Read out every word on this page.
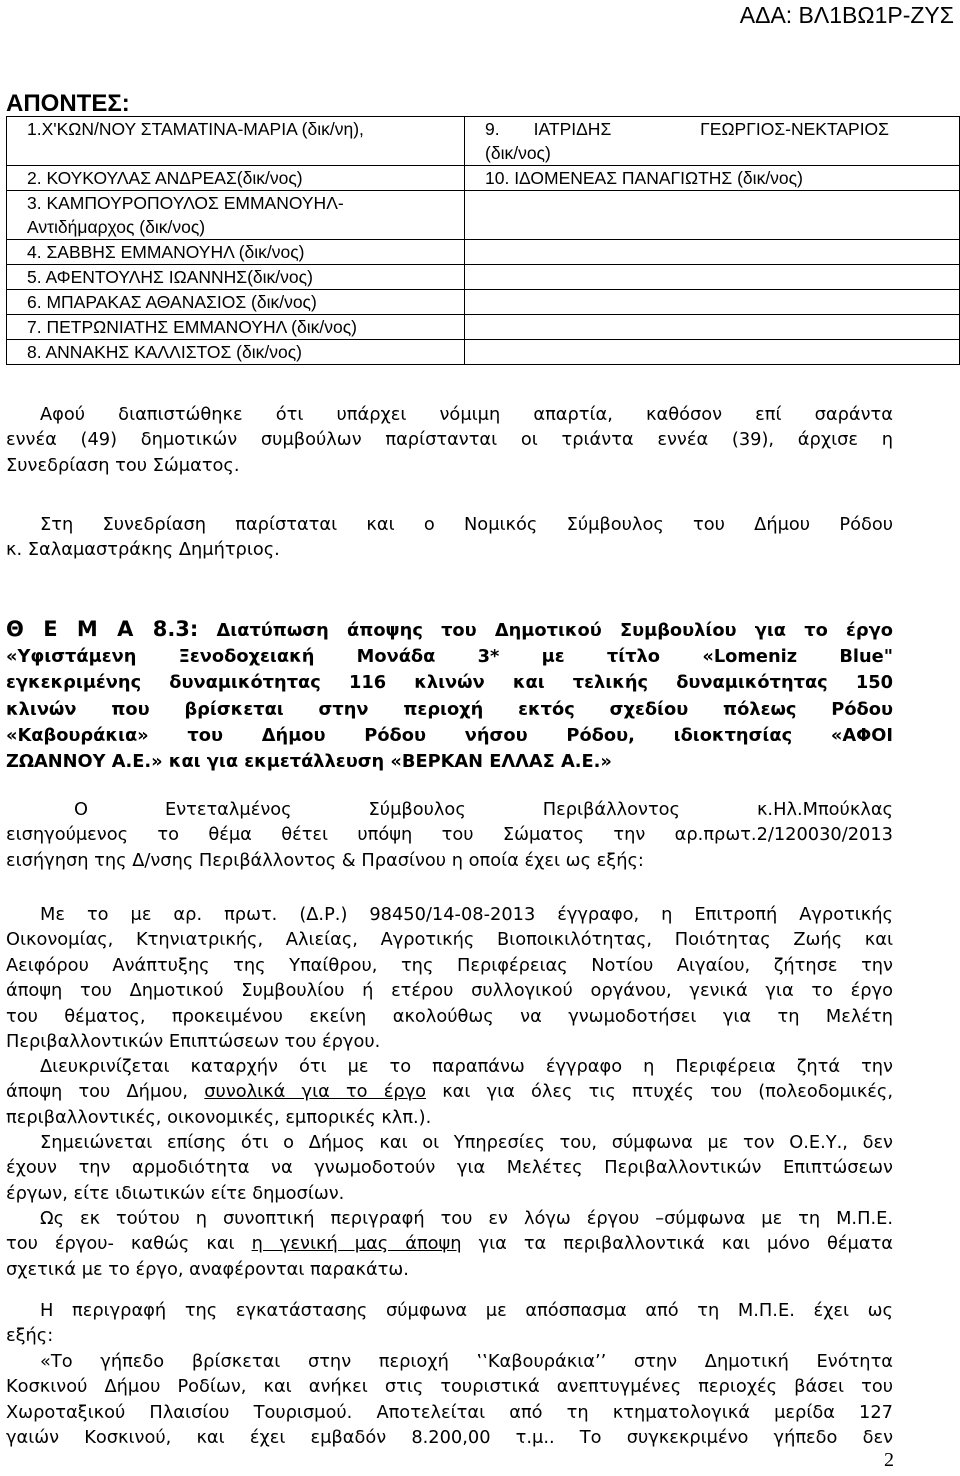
ΑΔΑ: ΒΛ1ΒΩ1Ρ-ΖΥΣ
ΑΠΟΝΤΕΣ:
1.Χ'ΚΩΝ/ΝΟΥ ΣΤΑΜΑΤΙΝΑ-ΜΑΡΙΑ (δικ/νη),	9. ΙΑΤΡΙΔΗΣ ΓΕΩΡΓΙΟΣ-ΝΕΚΤΑΡΙΟΣ
(δικ/νος)

2. ΚΟΥΚΟΥΛΑΣ ΑΝΔΡΕΑΣ(δικ/νος)	10. ΙΔΟΜΕΝΕΑΣ ΠΑΝΑΓΙΩΤΗΣ (δικ/νος)

3. ΚΑΜΠΟΥΡΟΠΟΥΛΟΣ ΕΜΜΑΝΟΥΗΛ-
Αντιδήμαρχος (δικ/νος)	

4. ΣΑΒΒΗΣ ΕΜΜΑΝΟΥΗΛ (δικ/νος)	
5. ΑΦΕΝΤΟΥΛΗΣ ΙΩΑΝΝΗΣ(δικ/νος)	
6. ΜΠΑΡΑΚΑΣ ΑΘΑΝΑΣΙΟΣ (δικ/νος)	
7. ΠΕΤΡΩΝΙΑΤΗΣ ΕΜΜΑΝΟΥΗΛ (δικ/νος)	
8. ΑΝΝΑΚΗΣ ΚΑΛΛΙΣΤΟΣ (δικ/νος)	
Αφού διαπιστώθηκε ότι υπάρχει νόμιμη απαρτία, καθόσον επί σαράντα
εννέα (49) δημοτικών συμβούλων παρίστανται οι τριάντα εννέα (39), άρχισε η
Συνεδρίαση του Σώματος.
Στη Συνεδρίαση παρίσταται και ο Νομικός Σύμβουλος του Δήμου Ρόδου
κ. Σαλαμαστράκης Δημήτριος.
Θ Ε Μ Α 8.3: Διατύπωση άποψης του Δημοτικού Συμβουλίου για το έργο
«Υφιστάμενη Ξενοδοχειακή Μονάδα 3* με τίτλο «Lomeniz Blue"
εγκεκριμένης δυναμικότητας 116 κλινών και τελικής δυναμικότητας 150
κλινών που βρίσκεται στην περιοχή εκτός σχεδίου πόλεως Ρόδου
«Καβουράκια» του Δήμου Ρόδου νήσου Ρόδου, ιδιοκτησίας «ΑΦΟΙ
ΖΩΑΝΝΟΥ Α.Ε.» και για εκμετάλλευση «ΒΕΡΚΑΝ ΕΛΛΑΣ Α.Ε.»
Ο Εντεταλμένος Σύμβουλος Περιβάλλοντος κ.Ηλ.Μπούκλας
εισηγούμενος το θέμα θέτει υπόψη του Σώματος την αρ.πρωτ.2/120030/2013
εισήγηση της Δ/νσης Περιβάλλοντος & Πρασίνου η οποία έχει ως εξής:
Με το με αρ. πρωτ. (Δ.Ρ.) 98450/14-08-2013 έγγραφο, η Επιτροπή Αγροτικής
Οικονομίας, Κτηνιατρικής, Αλιείας, Αγροτικής Βιοποικιλότητας, Ποιότητας Ζωής και
Αειφόρου Ανάπτυξης της Υπαίθρου, της Περιφέρειας Νοτίου Αιγαίου, ζήτησε την
άποψη του Δημοτικού Συμβουλίου ή ετέρου συλλογικού οργάνου, γενικά για το έργο
του θέματος, προκειμένου εκείνη ακολούθως να γνωμοδοτήσει για τη Μελέτη
Περιβαλλοντικών Επιπτώσεων του έργου.
Διευκρινίζεται καταρχήν ότι με το παραπάνω έγγραφο η Περιφέρεια ζητά την
άποψη του Δήμου, συνολικά για το έργο και για όλες τις πτυχές του (πολεοδομικές,
περιβαλλοντικές, οικονομικές, εμπορικές κλπ.).
Σημειώνεται επίσης ότι ο Δήμος και οι Υπηρεσίες του, σύμφωνα με τον Ο.Ε.Υ., δεν
έχουν την αρμοδιότητα να γνωμοδοτούν για Μελέτες Περιβαλλοντικών Επιπτώσεων
έργων, είτε ιδιωτικών είτε δημοσίων.
Ως εκ τούτου η συνοπτική περιγραφή του εν λόγω έργου –σύμφωνα με τη Μ.Π.Ε.
του έργου- καθώς και η γενική μας άποψη για τα περιβαλλοντικά και μόνο θέματα
σχετικά με το έργο, αναφέρονται παρακάτω.
Η περιγραφή της εγκατάστασης σύμφωνα με απόσπασμα από τη Μ.Π.Ε. έχει ως
εξής:
«Το γήπεδο βρίσκεται στην περιοχή ‛‛Καβουράκια’’ στην Δημοτική Ενότητα
Κοσκινού Δήμου Ροδίων, και ανήκει στις τουριστικά ανεπτυγμένες περιοχές βάσει του
Χωροταξικού Πλαισίου Τουρισμού. Αποτελείται από τη κτηματολογικά μερίδα 127
γαιών Κοσκινού, και έχει εμβαδόν 8.200,00 τ.μ.. Το συγκεκριμένο γήπεδο δεν
2
